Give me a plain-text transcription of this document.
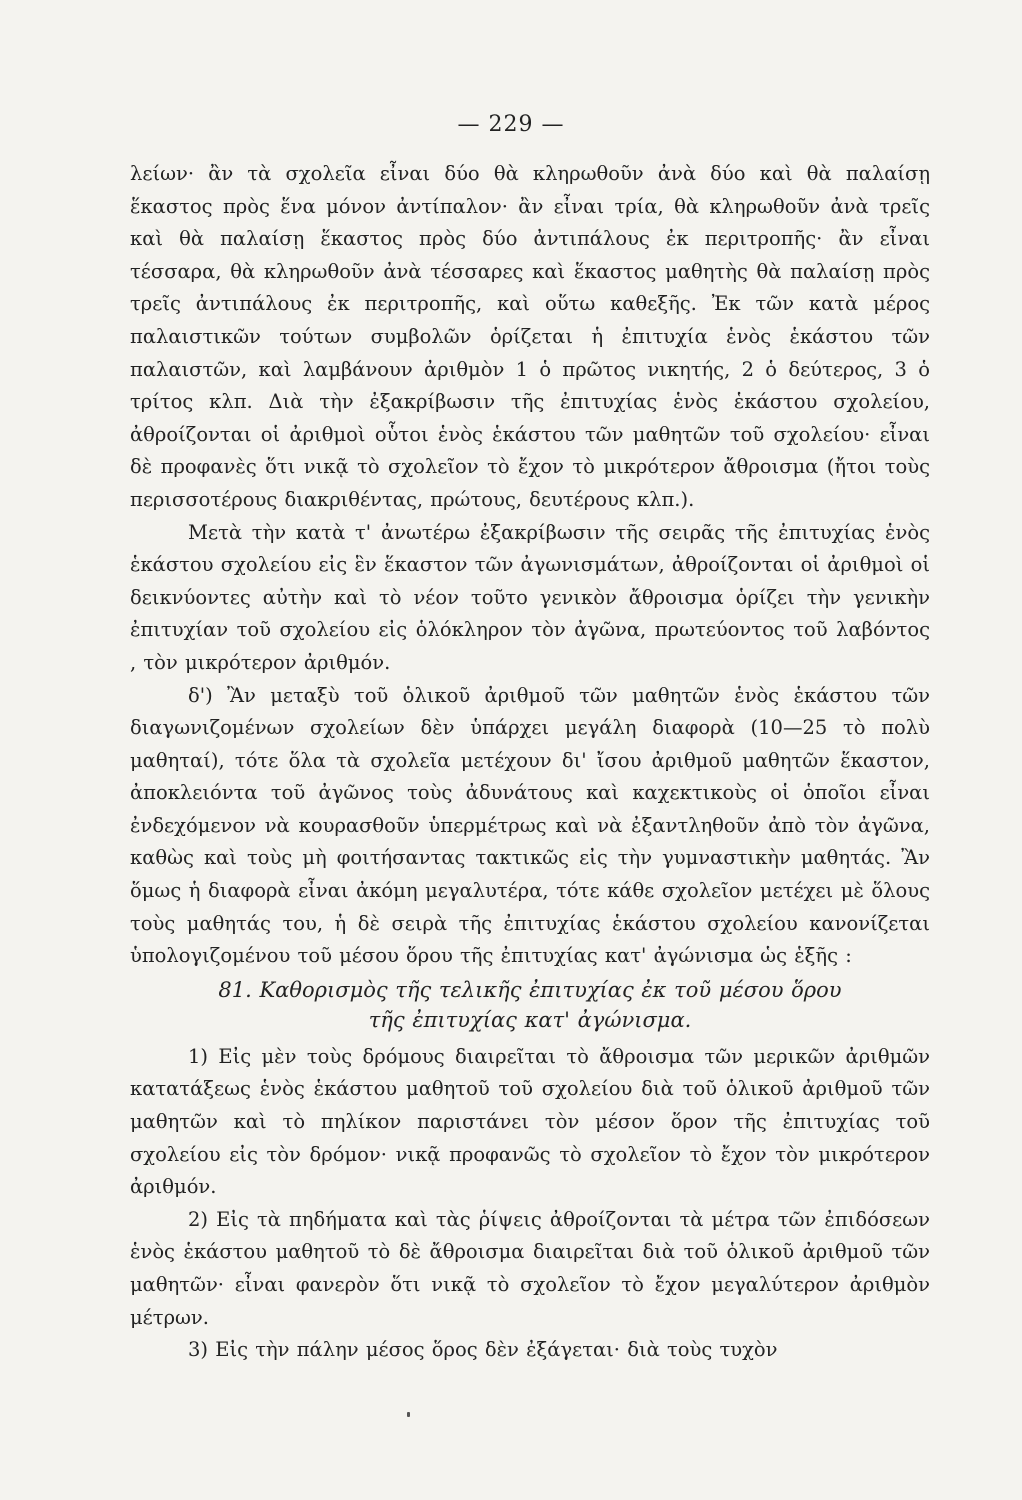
— 229 —

λείων· ἂν τὰ σχολεῖα εἶναι δύο θὰ κληρωθοῦν ἀνὰ δύο καὶ θὰ παλαίσῃ ἕκαστος πρὸς ἕνα μόνον ἀντίπαλον· ἂν εἶναι τρία, θὰ κληρωθοῦν ἀνὰ τρεῖς καὶ θὰ παλαίσῃ ἕκαστος πρὸς δύο ἀντιπάλους ἐκ περιτροπῆς· ἂν εἶναι τέσσαρα, θὰ κληρωθοῦν ἀνὰ τέσσαρες καὶ ἕκαστος μαθητὴς θὰ παλαίσῃ πρὸς τρεῖς ἀντιπάλους ἐκ περιτροπῆς, καὶ οὕτω καθεξῆς. Ἐκ τῶν κατὰ μέρος παλαιστικῶν τούτων συμβολῶν ὁρίζεται ἡ ἐπιτυχία ἑνὸς ἑκάστου τῶν παλαιστῶν, καὶ λαμβάνουν ἀριθμὸν 1 ὁ πρῶτος νικητής, 2 ὁ δεύτερος, 3 ὁ τρίτος κλπ. Διὰ τὴν ἐξακρίβωσιν τῆς ἐπιτυχίας ἑνὸς ἑκάστου σχολείου, ἀθροίζονται οἱ ἀριθμοὶ οὗτοι ἑνὸς ἑκάστου τῶν μαθητῶν τοῦ σχολείου· εἶναι δὲ προφανὲς ὅτι νικᾷ τὸ σχολεῖον τὸ ἔχον τὸ μικρότερον ἄθροισμα (ἤτοι τοὺς περισσοτέρους διακριθέντας, πρώτους, δευτέρους κλπ.).

Μετὰ τὴν κατὰ τ' ἀνωτέρω ἐξακρίβωσιν τῆς σειρᾶς τῆς ἐπιτυχίας ἑνὸς ἑκάστου σχολείου εἰς ἓν ἕκαστον τῶν ἀγωνισμάτων, ἀθροίζονται οἱ ἀριθμοὶ οἱ δεικνύοντες αὐτὴν καὶ τὸ νέον τοῦτο γενικὸν ἄθροισμα ὁρίζει τὴν γενικὴν ἐπιτυχίαν τοῦ σχολείου εἰς ὁλόκληρον τὸν ἀγῶνα, πρωτεύοντος τοῦ λαβόντος , τὸν μικρότερον ἀριθμόν.

δ') Ἂν μεταξὺ τοῦ ὁλικοῦ ἀριθμοῦ τῶν μαθητῶν ἑνὸς ἑκάστου τῶν διαγωνιζομένων σχολείων δὲν ὑπάρχει μεγάλη διαφορὰ (10—25 τὸ πολὺ μαθηταί), τότε ὅλα τὰ σχολεῖα μετέχουν δι' ἴσου ἀριθμοῦ μαθητῶν ἕκαστον, ἀποκλειόντα τοῦ ἀγῶνος τοὺς ἀδυνάτους καὶ καχεκτικοὺς οἱ ὁποῖοι εἶναι ἐνδεχόμενον νὰ κουρασθοῦν ὑπερμέτρως καὶ νὰ ἐξαντληθοῦν ἀπὸ τὸν ἀγῶνα, καθὼς καὶ τοὺς μὴ φοιτήσαντας τακτικῶς εἰς τὴν γυμναστικὴν μαθητάς. Ἂν ὅμως ἡ διαφορὰ εἶναι ἀκόμη μεγαλυτέρα, τότε κάθε σχολεῖον μετέχει μὲ ὅλους τοὺς μαθητάς του, ἡ δὲ σειρὰ τῆς ἐπιτυχίας ἑκάστου σχολείου κανονίζεται ὑπολογιζομένου τοῦ μέσου ὅρου τῆς ἐπιτυχίας κατ' ἀγώνισμα ὡς ἑξῆς :

81. Καθορισμὸς τῆς τελικῆς ἐπιτυχίας ἐκ τοῦ μέσου ὅρου
τῆς ἐπιτυχίας κατ' ἀγώνισμα.

1) Εἰς μὲν τοὺς δρόμους διαιρεῖται τὸ ἄθροισμα τῶν μερικῶν ἀριθμῶν κατατάξεως ἑνὸς ἑκάστου μαθητοῦ τοῦ σχολείου διὰ τοῦ ὁλικοῦ ἀριθμοῦ τῶν μαθητῶν καὶ τὸ πηλίκον παριστάνει τὸν μέσον ὅρον τῆς ἐπιτυχίας τοῦ σχολείου εἰς τὸν δρόμον· νικᾷ προφανῶς τὸ σχολεῖον τὸ ἔχον τὸν μικρότερον ἀριθμόν.

2) Εἰς τὰ πηδήματα καὶ τὰς ῥίψεις ἀθροίζονται τὰ μέτρα τῶν ἐπιδόσεων ἑνὸς ἑκάστου μαθητοῦ τὸ δὲ ἄθροισμα διαιρεῖται διὰ τοῦ ὁλικοῦ ἀριθμοῦ τῶν μαθητῶν· εἶναι φανερὸν ὅτι νικᾷ τὸ σχολεῖον τὸ ἔχον μεγαλύτερον ἀριθμὸν μέτρων.

3) Εἰς τὴν πάλην μέσος ὅρος δὲν ἐξάγεται· διὰ τοὺς τυχὸν
